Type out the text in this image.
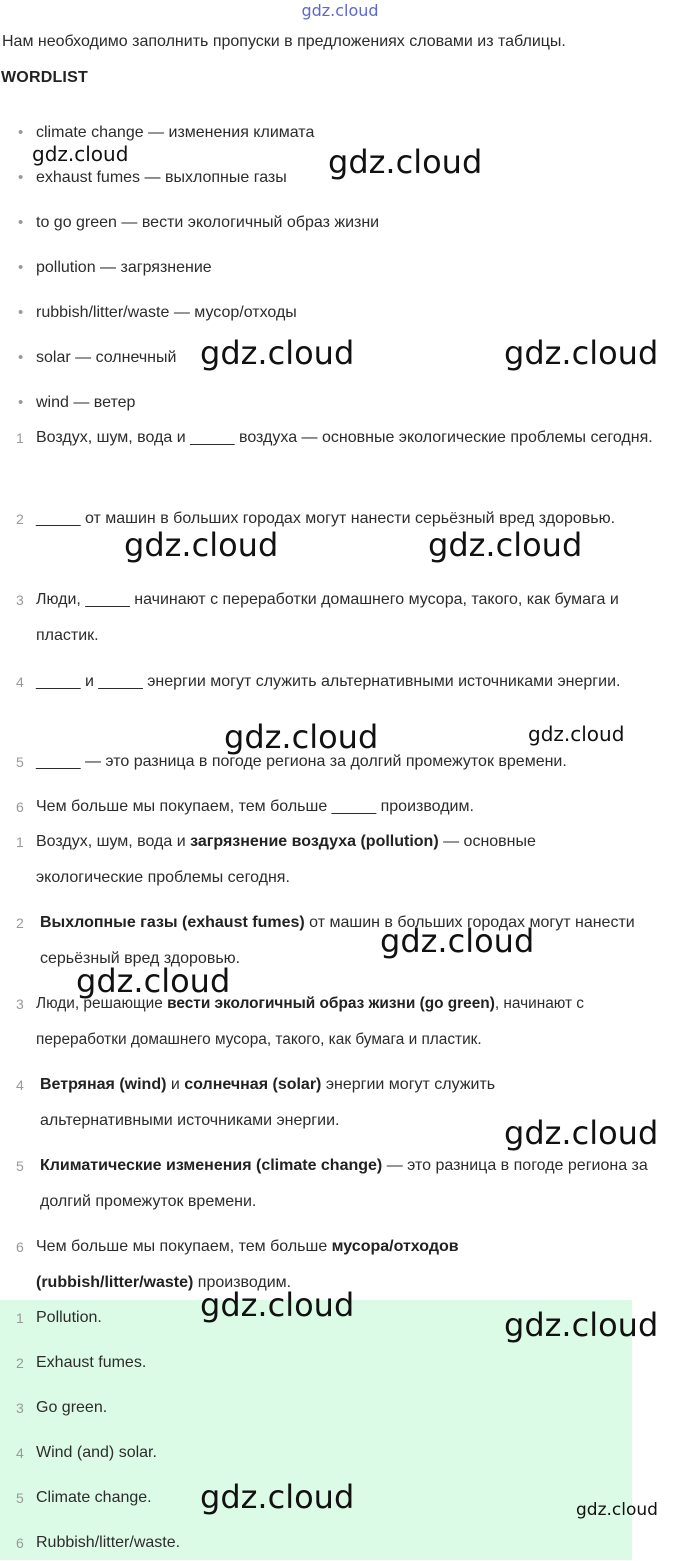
gdz.cloud
Нам необходимо заполнить пропуски в предложениях словами из таблицы.
WORDLIST
• climate change — изменения климата
• exhaust fumes — выхлопные газы
• to go green — вести экологичный образ жизни
• pollution — загрязнение
• rubbish/litter/waste — мусор/отходы
• solar — солнечный
• wind — ветер
1 Воздух, шум, вода и _____ воздуха — основные экологические проблемы сегодня.
2 _____ от машин в больших городах могут нанести серьёзный вред здоровью.
3 Люди, _____ начинают с переработки домашнего мусора, такого, как бумага и пластик.
4 _____ и _____ энергии могут служить альтернативными источниками энергии.
5 _____ — это разница в погоде региона за долгий промежуток времени.
6 Чем больше мы покупаем, тем больше _____ производим.
1 Воздух, шум, вода и загрязнение воздуха (pollution) — основные экологические проблемы сегодня.
2 Выхлопные газы (exhaust fumes) от машин в больших городах могут нанести серьёзный вред здоровью.
3 Люди, решающие вести экологичный образ жизни (go green), начинают с переработки домашнего мусора, такого, как бумага и пластик.
4 Ветряная (wind) и солнечная (solar) энергии могут служить альтернативными источниками энергии.
5 Климатические изменения (climate change) — это разница в погоде региона за долгий промежуток времени.
6 Чем больше мы покупаем, тем больше мусора/отходов (rubbish/litter/waste) производим.
1 Pollution.
2 Exhaust fumes.
3 Go green.
4 Wind (and) solar.
5 Climate change.
6 Rubbish/litter/waste.
gdz.cloud	gdz.cloud
gdz.cloud	gdz.cloud
gdz.cloud	gdz.cloud
gdz.cloud	gdz.cloud
gdz.cloud
gdz.cloud
gdz.cloud
gdz.cloud
gdz.cloud
gdz.cloud	gdz.cloud
